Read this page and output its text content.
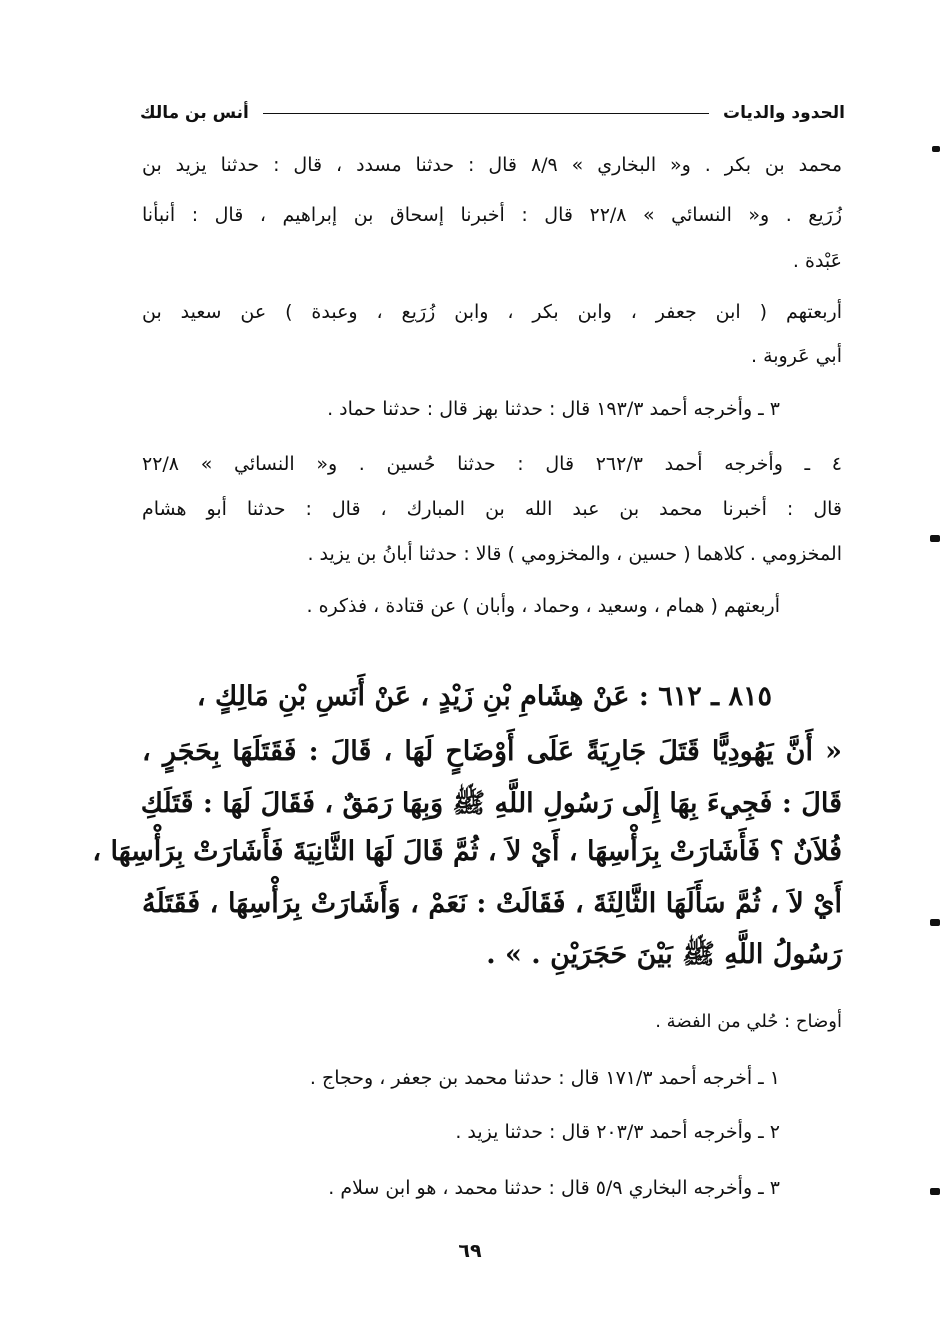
الحدود والديات
أنس بن مالك
محمد بن بكر . و« البخاري » ٨/٩ قال : حدثنا مسدد ، قال : حدثنا يزيد بن
زُرَيع . و« النسائي » ٢٢/٨ قال : أخبرنا إسحاق بن إبراهيم ، قال : أنبأنا
عَبْدة .
أربعتهم ( ابن جعفر ، وابن بكر ، وابن زُرَيع ، وعبدة ) عن سعيد بن
أبي عَروبة .
٣ ـ وأخرجه أحمد ١٩٣/٣ قال : حدثنا بهز قال : حدثنا حماد .
٤ ـ وأخرجه أحمد ٢٦٢/٣ قال : حدثنا حُسين . و« النسائي » ٢٢/٨
قال : أخبرنا محمد بن عبد الله بن المبارك ، قال : حدثنا أبو هشام
المخزومي . كلاهما ( حسين ، والمخزومي ) قالا : حدثنا أبانُ بن يزيد .
أربعتهم ( همام ، وسعيد ، وحماد ، وأبان ) عن قتادة ، فذكره .
٨١٥ ـ ٦١٢ : عَنْ هِشَامِ بْنِ زَيْدٍ ، عَنْ أَنَسِ بْنِ مَالِكٍ ،
« أَنَّ يَهُودِيًّا قَتَلَ جَارِيَةً عَلَى أَوْضَاحٍ لَهَا ، قَالَ : فَقَتَلَهَا بِحَجَرٍ ،
قَالَ : فَجِيءَ بِهَا إِلَى رَسُولِ اللَّهِ ﷺ وَبِهَا رَمَقٌ ، فَقَالَ لَهَا : قَتَلَكِ
فُلاَنٌ ؟ فَأَشَارَتْ بِرَأْسِهَا ، أَيْ لاَ ، ثُمَّ قَالَ لَهَا الثَّانِيَةَ فَأَشَارَتْ بِرَأْسِهَا ،
أَيْ لاَ ، ثُمَّ سَأَلَهَا الثَّالِثَةَ ، فَقَالَتْ : نَعَمْ ، وَأَشَارَتْ بِرَأْسِهَا ، فَقَتَلَهُ
رَسُولُ اللَّهِ ﷺ بَيْنَ حَجَرَيْنِ . » .
أوضاح : حُلي من الفضة .
١ ـ أخرجه أحمد ١٧١/٣ قال : حدثنا محمد بن جعفر ، وحجاج .
٢ ـ وأخرجه أحمد ٢٠٣/٣ قال : حدثنا يزيد .
٣ ـ وأخرجه البخاري ٥/٩ قال : حدثنا محمد ، هو ابن سلام .
٦٩
